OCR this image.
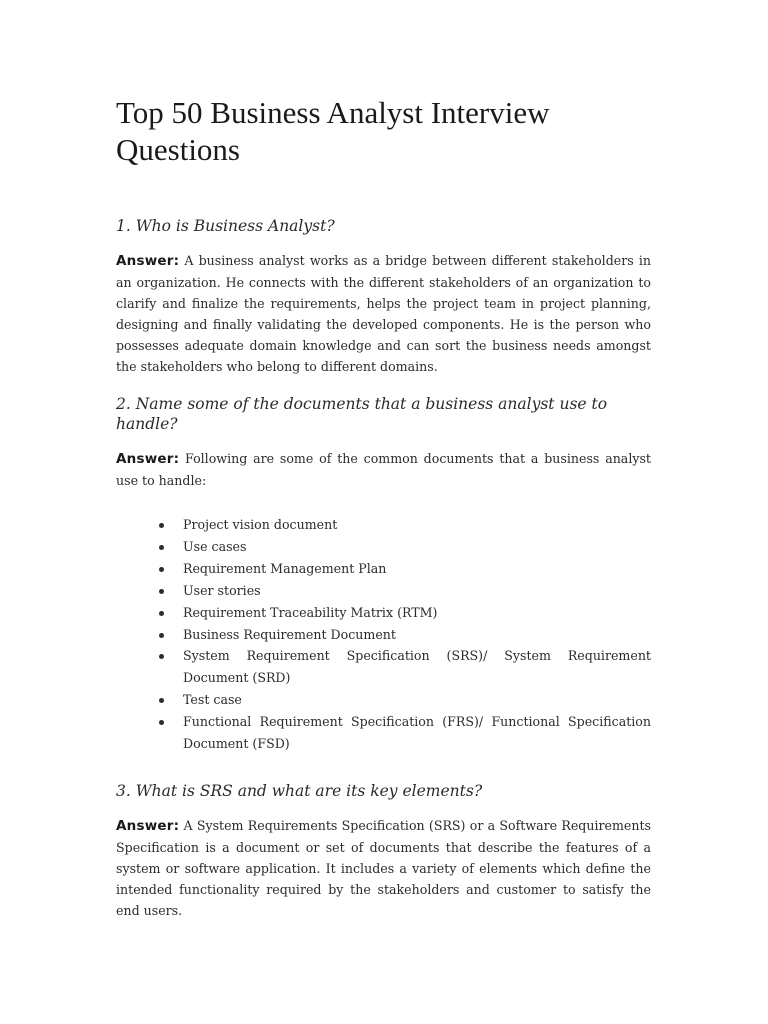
Top 50 Business Analyst Interview Questions
1. Who is Business Analyst?

Answer: A business analyst works as a bridge between different stakeholders in an organization. He connects with the different stakeholders of an organization to clarify and finalize the requirements, helps the project team in project planning, designing and finally validating the developed components. He is the person who possesses adequate domain knowledge and can sort the business needs amongst the stakeholders who belong to different domains.

2. Name some of the documents that a business analyst use to handle?

Answer: Following are some of the common documents that a business analyst use to handle:

Project vision document
Use cases
Requirement Management Plan
User stories
Requirement Traceability Matrix (RTM)
Business Requirement Document
System Requirement Specification (SRS)/ System Requirement Document (SRD)
Test case
Functional Requirement Specification (FRS)/ Functional Specification Document (FSD)
3. What is SRS and what are its key elements?

Answer: A System Requirements Specification (SRS) or a Software Requirements Specification is a document or set of documents that describe the features of a system or software application. It includes a variety of elements which define the intended functionality required by the stakeholders and customer to satisfy the end users.
